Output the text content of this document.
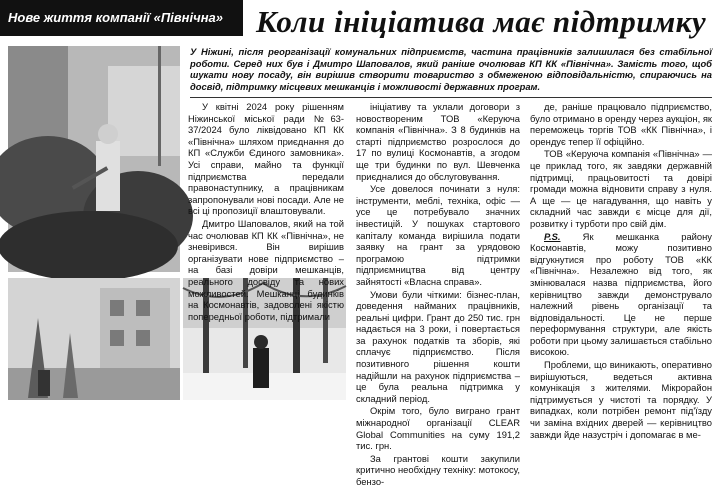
Нове життя компанії «Північна»	Коли ініціатива має підтримку
У Ніжині, після реорганізації комунальних підприємств, частина працівників залишилася без стабільної роботи. Серед них був і Дмитро Шаповалов, який раніше очолював КП КК «Північна». Замість того, щоб шукати нову посаду, він вирішив створити товариство з обмеженою відповідальністю, спираючись на досвід, підтримку місцевих мешканців і можливості державних програм.

У квітні 2024 року рішенням Ніжинської міської ради №63-37/2024 було ліквідовано КП КК «Північна» шляхом приєднання до КП «Служби Єдиного замовника». Усі справи, майно та функції підприємства передали правонаступнику, а працівникам запропонували нові посади. Але не всі ці пропозиції влаштовували.

Дмитро Шаповалов, який на той час очолював КП КК «Північна», не зневірився. Він вирішив організувати нове підприємство – на базі довіри мешканців, реального досвіду та нових можливостей. Мешканці будинків на Космонавтів, задоволені якістю попередньої роботи, підтримали

ініціативу та уклали договори з новоствореним ТОВ «Керуюча компанія «Північна». З 8 будинків на старті підприємство розрослося до 17 по вулиці Космонавтів, а згодом ще три будинки по вул. Шевченка приєдналися до обслуговування.

Усе довелося починати з нуля: інструменти, меблі, техніка, офіс — усе це потребувало значних інвестицій. У пошуках стартового капіталу команда вирішила подати заявку на грант за урядовою програмою підтримки підприємництва від центру зайнятості «Власна справа».

Умови були чіткими: бізнес-план, доведення найманих працівників, реальні цифри. Грант до 250 тис. грн надається на 3 роки, і повертається за рахунок податків та зборів, які сплачує підприємство. Після позитивного рішення кошти надійшли на рахунок підприємства – це була реальна підтримка у складний період.

Окрім того, було виграно грант міжнародної організації CLEAR Global Communities на суму 191,2 тис. грн.

За грантові кошти закупили критично необхідну техніку: мотокосу, бензо-

де, раніше працювало підприємство, було отримано в оренду через аукціон, як переможець торгів ТОВ «КК Північна», і орендує тепер її офіційно.

ТОВ «Керуюча компанія «Північна» — це приклад того, як завдяки державній підтримці, працьовитості та довірі громади можна відновити справу з нуля. А ще — це нагадування, що навіть у складний час завжди є місце для дії, розвитку і турботи про свій дім.

P.S. Як мешканка району Космонавтів, можу позитивно відгукнутися про роботу ТОВ «КК «Північна». Незалежно від того, як змінювалася назва підприємства, його керівництво завжди демонструвало належний рівень організації та відповідальності. Це не перше переформування структури, але якість роботи при цьому залишається стабільно високою.

Проблеми, що виникають, оперативно вирішуються, ведеться активна комунікація з жителями. Мікрорайон підтримується у чистоті та порядку. У випадках, коли потрібен ремонт під'їзду чи заміна вхідних дверей — керівництво завжди йде назустріч і допомагає в ме-
